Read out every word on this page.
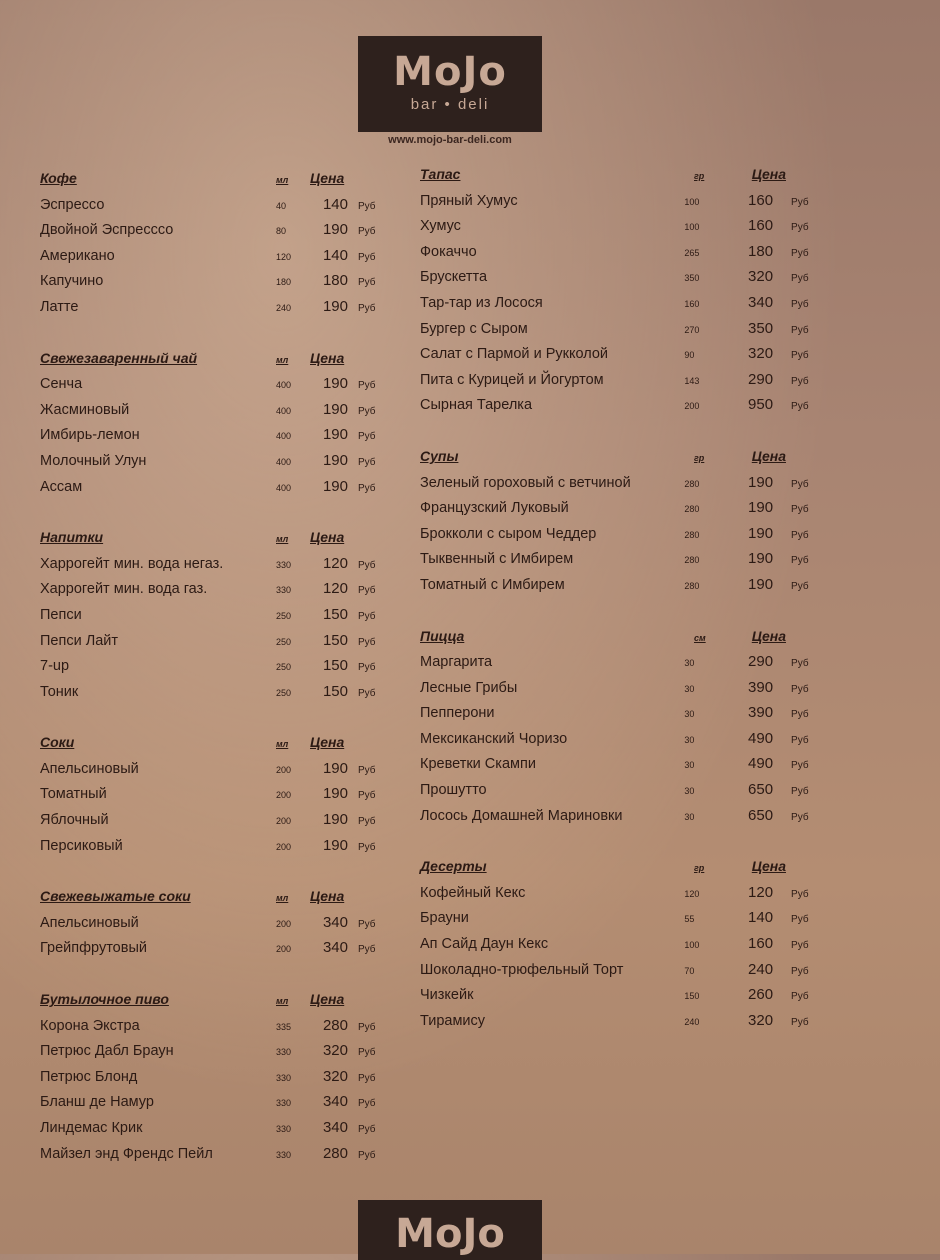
MoJo
bar • deli
www.mojo-bar-deli.com
Кофе	мл	Цена
Эспрессо	40	140	Руб
Двойной Эспресссо	80	190	Руб
Американо	120	140	Руб
Капучино	180	180	Руб
Латте	240	190	Руб
Свежезаваренный чай	мл	Цена
Сенча	400	190	Руб
Жасминовый	400	190	Руб
Имбирь-лемон	400	190	Руб
Молочный Улун	400	190	Руб
Ассам	400	190	Руб
Напитки	мл	Цена
Харрогейт мин. вода негаз.	330	120	Руб
Харрогейт мин. вода газ.	330	120	Руб
Пепси	250	150	Руб
Пепси Лайт	250	150	Руб
7-up	250	150	Руб
Тоник	250	150	Руб
Соки	мл	Цена
Апельсиновый	200	190	Руб
Томатный	200	190	Руб
Яблочный	200	190	Руб
Персиковый	200	190	Руб
Свежевыжатые соки	мл	Цена
Апельсиновый	200	340	Руб
Грейпфрутовый	200	340	Руб
Бутылочное пиво	мл	Цена
Корона Экстра	335	280	Руб
Петрюс Дабл Браун	330	320	Руб
Петрюс Блонд	330	320	Руб
Бланш де Намур	330	340	Руб
Линдемас Крик	330	340	Руб
Майзел энд Френдс Пейл	330	280	Руб
Тапас	гр	Цена
Пряный Хумус	100	160	Руб
Хумус	100	160	Руб
Фокаччо	265	180	Руб
Брускетта	350	320	Руб
Тар-тар из Лосося	160	340	Руб
Бургер с Сыром	270	350	Руб
Салат с Пармой и Рукколой	90	320	Руб
Пита с Курицей и Йогуртом	143	290	Руб
Сырная Тарелка	200	950	Руб
Супы	гр	Цена
Зеленый гороховый с ветчиной	280	190	Руб
Французский Луковый	280	190	Руб
Брокколи с сыром Чеддер	280	190	Руб
Тыквенный с Имбирем	280	190	Руб
Томатный с Имбирем	280	190	Руб
Пицца	см	Цена
Маргарита	30	290	Руб
Лесные Грибы	30	390	Руб
Пепперони	30	390	Руб
Мексиканский Чоризо	30	490	Руб
Креветки Скампи	30	490	Руб
Прошутто	30	650	Руб
Лосось Домашней Мариновки	30	650	Руб
Десерты	гр	Цена
Кофейный Кекс	120	120	Руб
Брауни	55	140	Руб
Ап Сайд Даун Кекс	100	160	Руб
Шоколадно-трюфельный Торт	70	240	Руб
Чизкейк	150	260	Руб
Тирамису	240	320	Руб
MoJo
